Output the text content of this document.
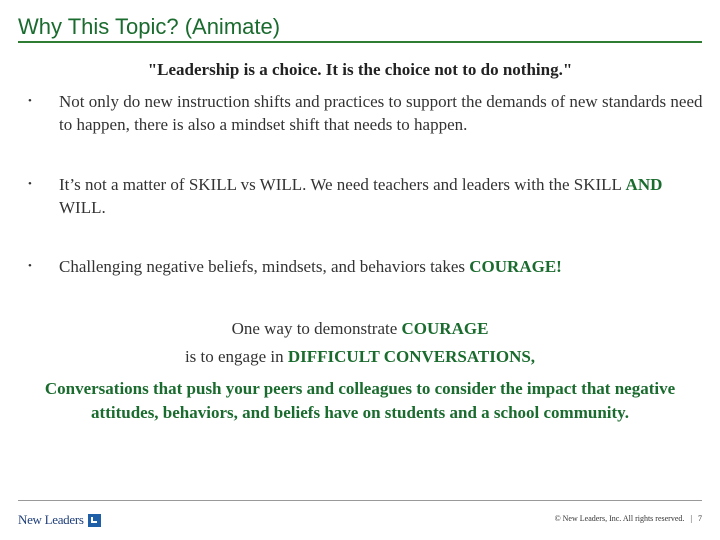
Why This Topic? (Animate)
"Leadership is a choice. It is the choice not to do nothing."
• Not only do new instruction shifts and practices to support the demands of new standards need to happen, there is also a mindset shift that needs to happen.
• It’s not a matter of SKILL vs WILL. We need teachers and leaders with the SKILL AND WILL.
• Challenging negative beliefs, mindsets, and behaviors takes COURAGE!
One way to demonstrate COURAGE
is to engage in DIFFICULT CONVERSATIONS,
Conversations that push your peers and colleagues to consider the impact that negative attitudes, behaviors, and beliefs have on students and a school community.
New Leaders	© New Leaders, Inc. All rights reserved. | 7
